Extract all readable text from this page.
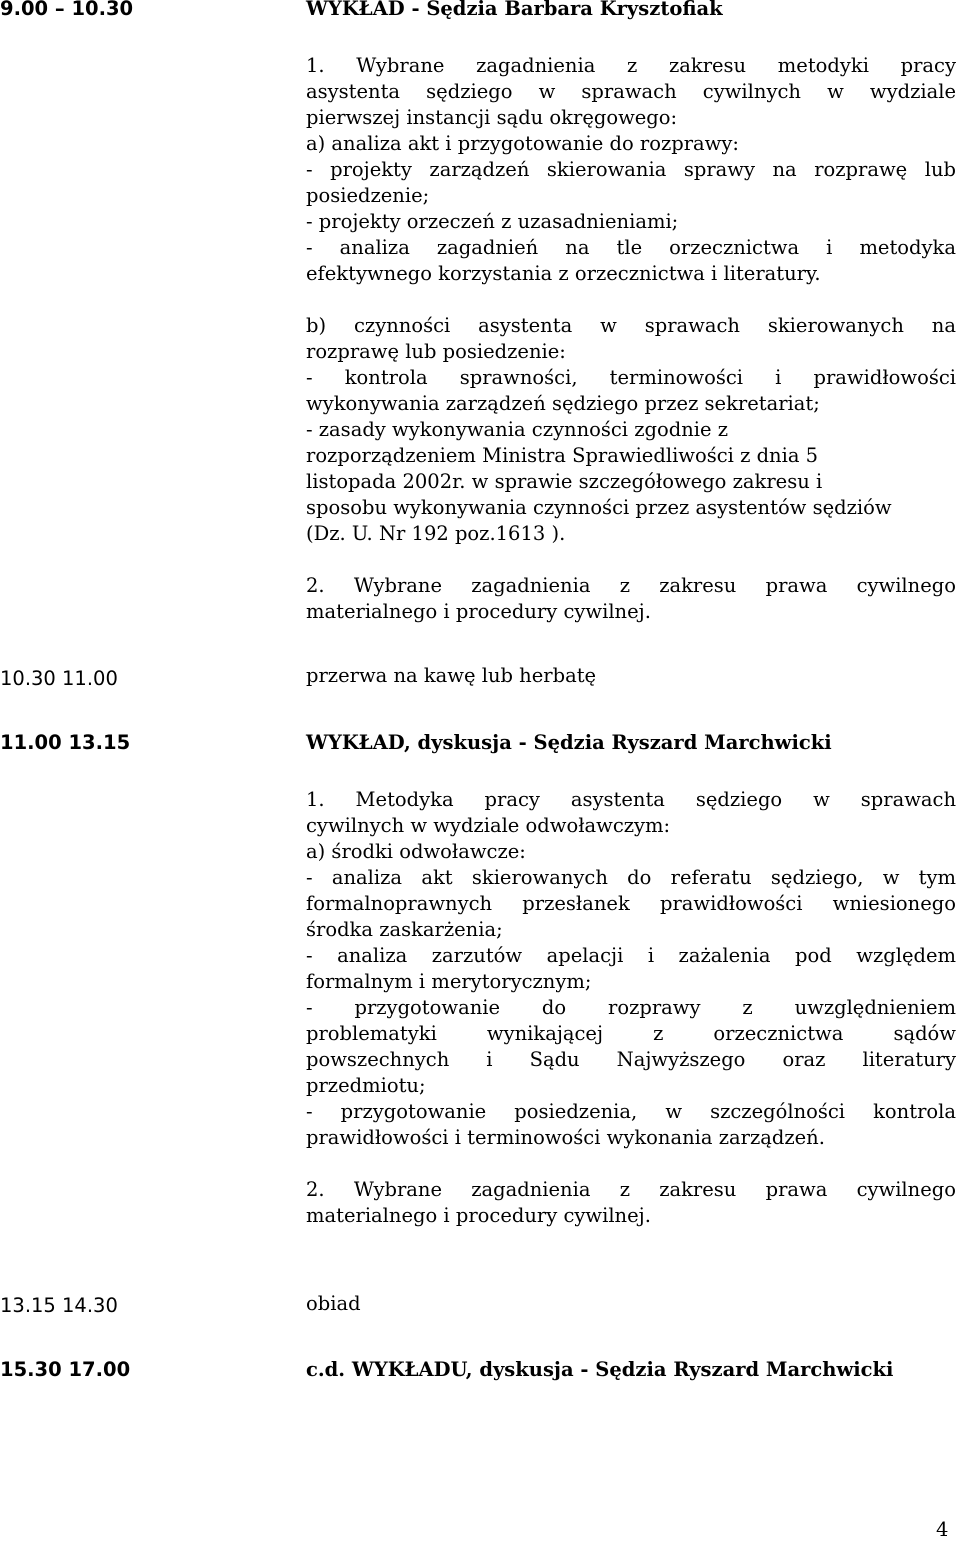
9.00 – 10.30	WYKŁAD - Sędzia Barbara Krysztofiak
1. Wybrane zagadnienia z zakresu metodyki pracy
asystenta sędziego w sprawach cywilnych w wydziale
pierwszej instancji sądu okręgowego:
a) analiza akt i przygotowanie do rozprawy:
- projekty zarządzeń skierowania sprawy na rozprawę lub
posiedzenie;
- projekty orzeczeń z uzasadnieniami;
- analiza zagadnień na tle orzecznictwa i metodyka
efektywnego korzystania z orzecznictwa i literatury.
b) czynności asystenta w sprawach skierowanych na
rozprawę lub posiedzenie:
- kontrola sprawności, terminowości i prawidłowości
wykonywania zarządzeń sędziego przez sekretariat;
- zasady wykonywania czynności zgodnie z
rozporządzeniem Ministra Sprawiedliwości z dnia 5
listopada 2002r. w sprawie szczegółowego zakresu i
sposobu wykonywania czynności przez asystentów sędziów
(Dz. U. Nr 192 poz.1613 ).
2. Wybrane zagadnienia z zakresu prawa cywilnego
materialnego i procedury cywilnej.
10.30 11.00	przerwa na kawę lub herbatę
11.00 13.15	WYKŁAD, dyskusja - Sędzia Ryszard Marchwicki
1. Metodyka pracy asystenta sędziego w sprawach
cywilnych w wydziale odwoławczym:
a) środki odwoławcze:
- analiza akt skierowanych do referatu sędziego, w tym
formalnoprawnych przesłanek prawidłowości wniesionego
środka zaskarżenia;
- analiza zarzutów apelacji i zażalenia pod względem
formalnym i merytorycznym;
- przygotowanie do rozprawy z uwzględnieniem
problematyki wynikającej z orzecznictwa sądów
powszechnych i Sądu Najwyższego oraz literatury
przedmiotu;
- przygotowanie posiedzenia, w szczególności kontrola
prawidłowości i terminowości wykonania zarządzeń.
2. Wybrane zagadnienia z zakresu prawa cywilnego
materialnego i procedury cywilnej.
13.15 14.30	obiad
15.30 17.00	c.d. WYKŁADU, dyskusja - Sędzia Ryszard Marchwicki
4
